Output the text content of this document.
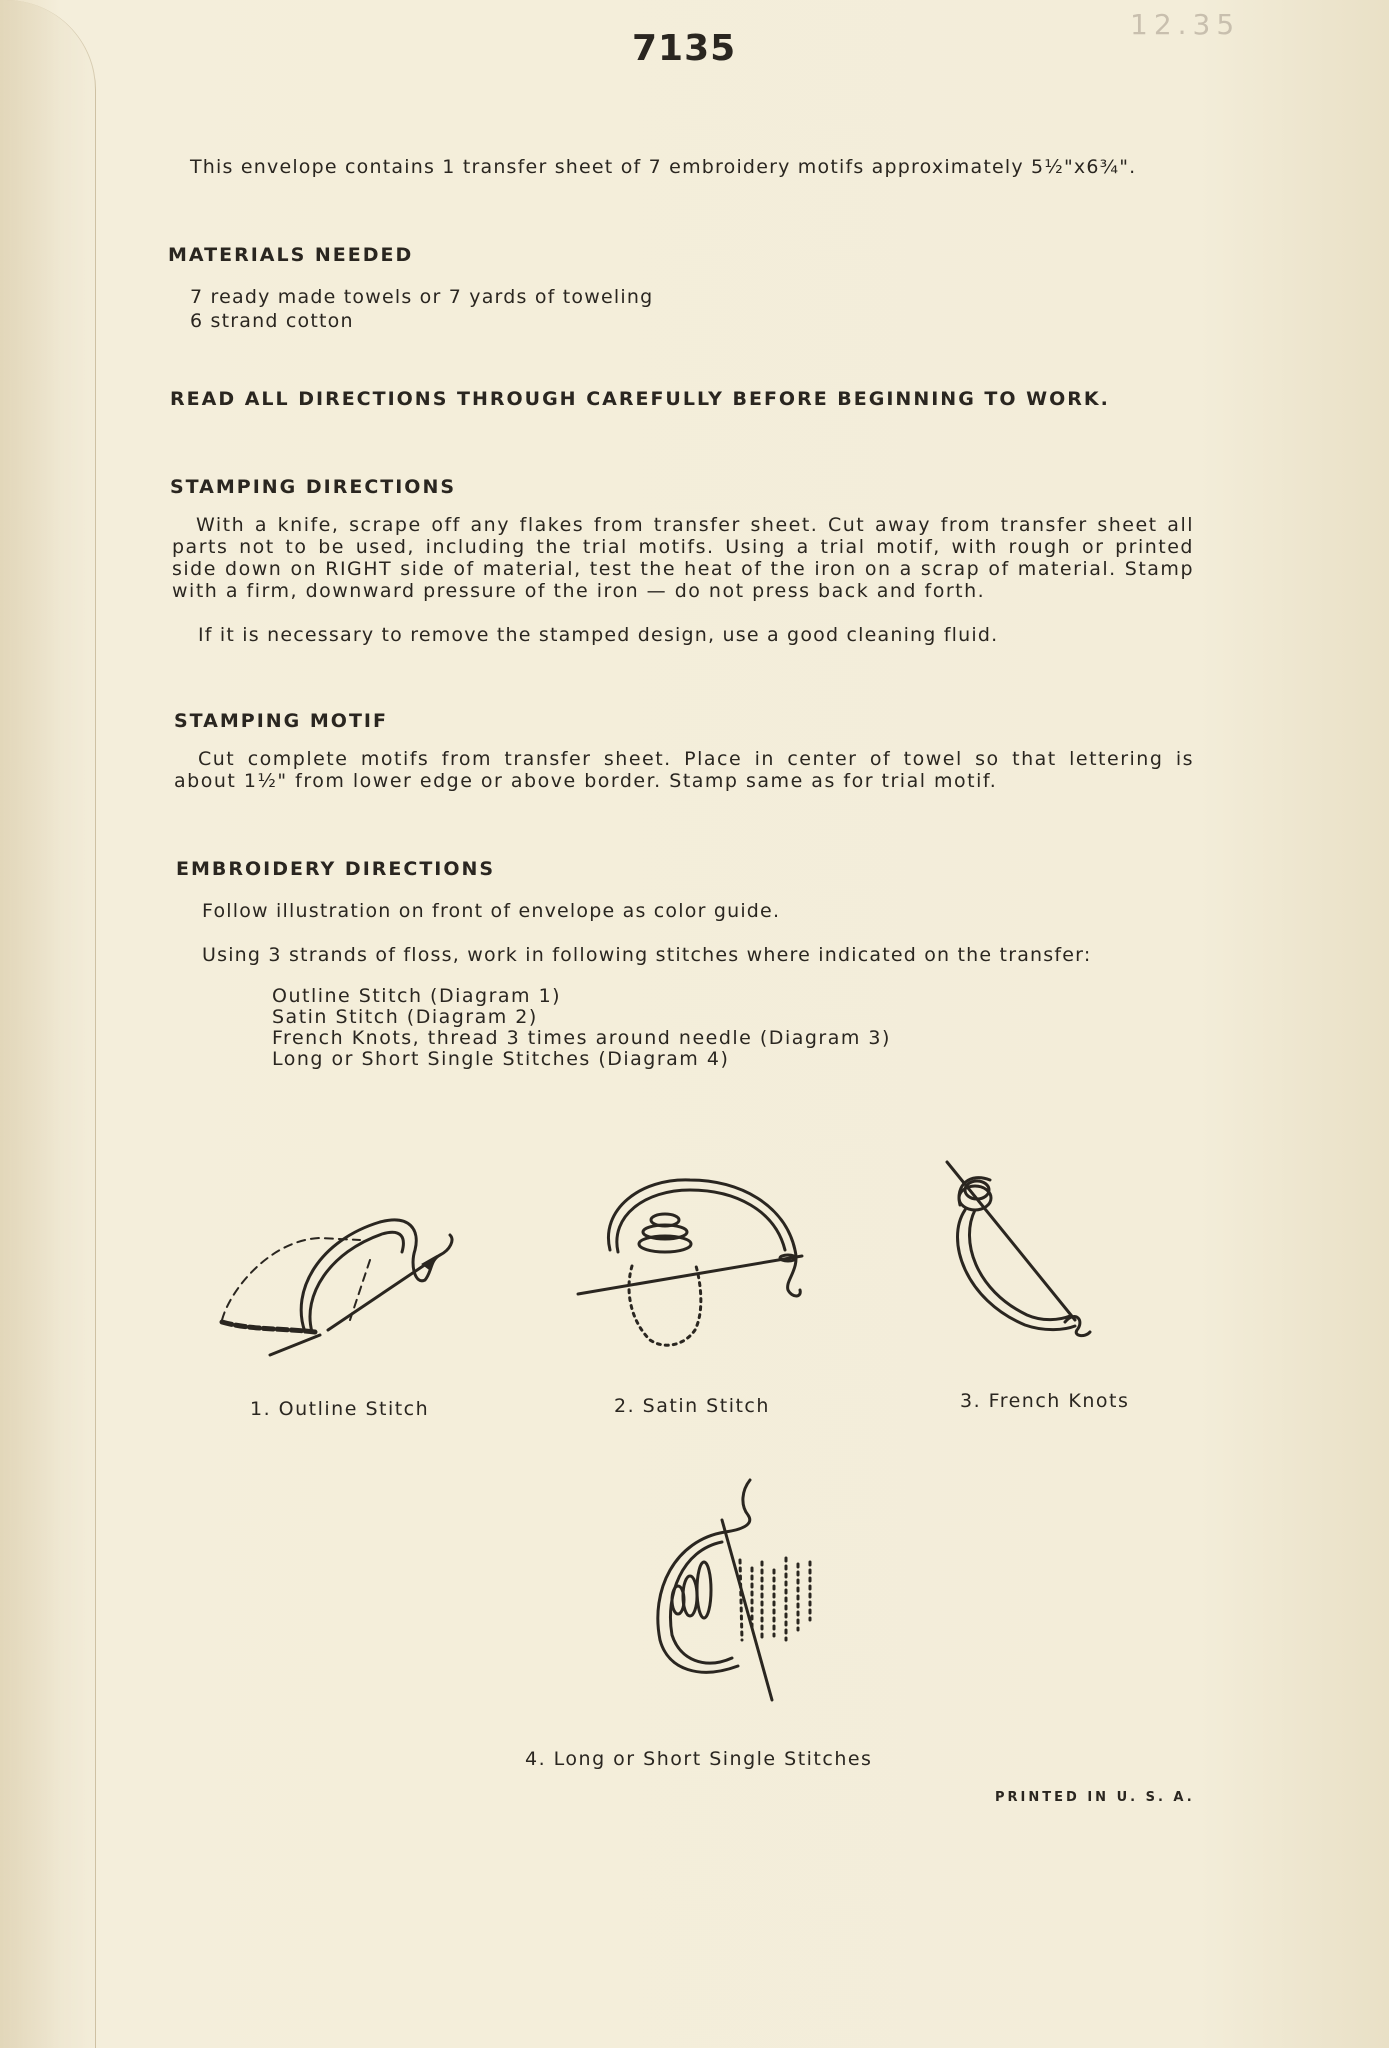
12.35
7135
This envelope contains 1 transfer sheet of 7 embroidery motifs approximately 5½"x6¾".
MATERIALS NEEDED
7 ready made towels or 7 yards of toweling
6 strand cotton
READ ALL DIRECTIONS THROUGH CAREFULLY BEFORE BEGINNING TO WORK.
STAMPING DIRECTIONS
With a knife, scrape off any flakes from transfer sheet. Cut away from transfer sheet all parts not to be used, including the trial motifs. Using a trial motif, with rough or printed side down on RIGHT side of material, test the heat of the iron on a scrap of material. Stamp with a firm, downward pressure of the iron — do not press back and forth.
If it is necessary to remove the stamped design, use a good cleaning fluid.
STAMPING MOTIF
Cut complete motifs from transfer sheet. Place in center of towel so that lettering is about 1½" from lower edge or above border. Stamp same as for trial motif.
EMBROIDERY DIRECTIONS
Follow illustration on front of envelope as color guide.
Using 3 strands of floss, work in following stitches where indicated on the transfer:
Outline Stitch (Diagram 1)
Satin Stitch (Diagram 2)
French Knots, thread 3 times around needle (Diagram 3)
Long or Short Single Stitches (Diagram 4)
1. Outline Stitch	2. Satin Stitch	3. French Knots
4. Long or Short Single Stitches
PRINTED IN U. S. A.
